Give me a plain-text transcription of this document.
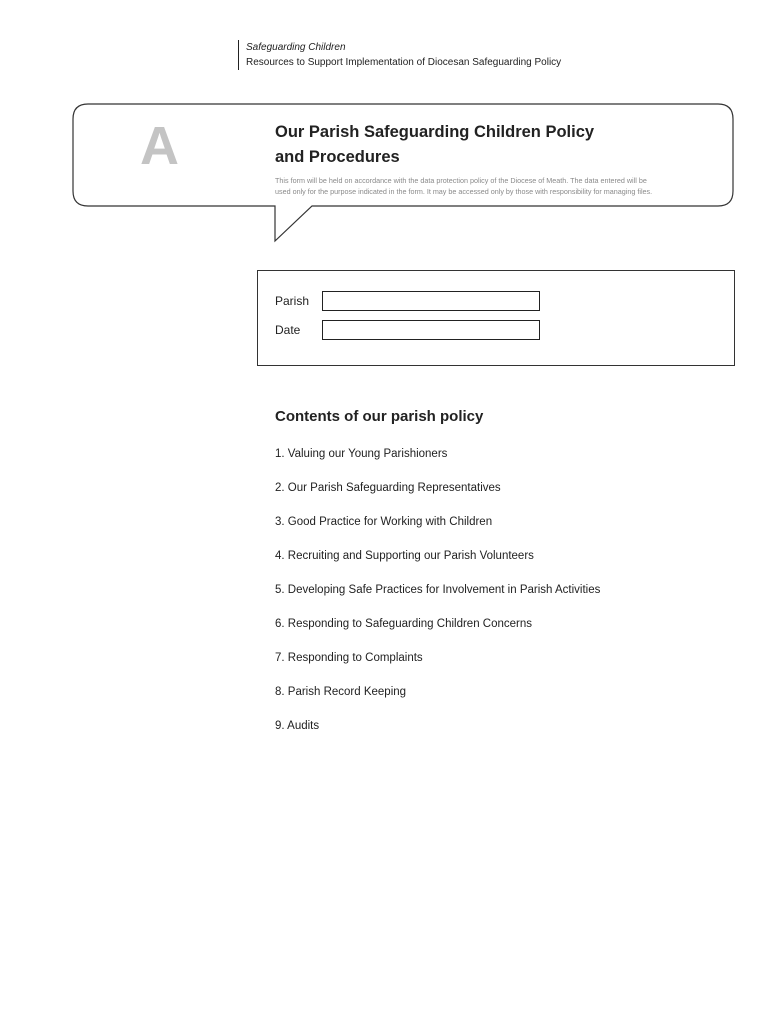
Safeguarding Children
Resources to Support Implementation of Diocesan Safeguarding Policy
A	Our Parish Safeguarding Children Policy
and Procedures
This form will be held on accordance with the data protection policy of the Diocese of Meath. The data entered will be
used only for the purpose indicated in the form. It may be accessed only by those with responsibility for managing files.
Parish
Date
Contents of our parish policy
1. Valuing our Young Parishioners
2. Our Parish Safeguarding Representatives
3. Good Practice for Working with Children
4. Recruiting and Supporting our Parish Volunteers
5. Developing Safe Practices for Involvement in Parish Activities
6. Responding to Safeguarding Children Concerns
7. Responding to Complaints
8. Parish Record Keeping
9. Audits
